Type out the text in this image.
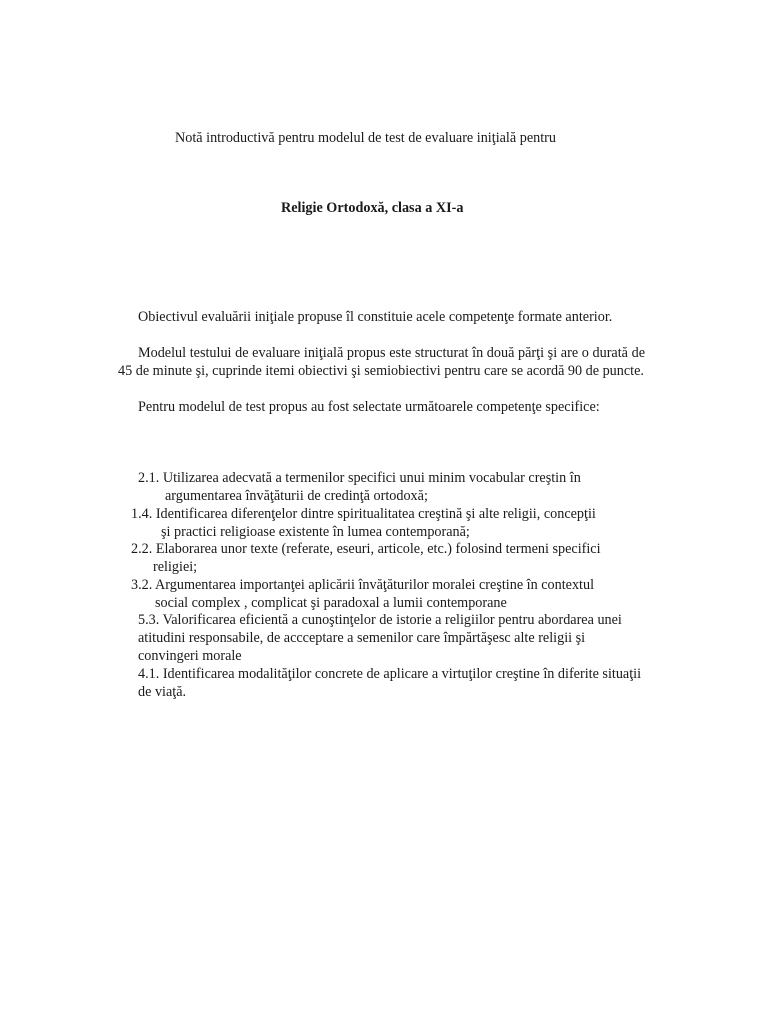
Notă introductivă pentru modelul de test de evaluare iniţială pentru
Religie Ortodoxă, clasa a XI-a
Obiectivul evaluării iniţiale propuse îl constituie acele competenţe formate anterior.
Modelul testului de evaluare iniţială propus este structurat în două părţi şi are o durată de 45 de minute şi, cuprinde itemi obiectivi şi semiobiectivi pentru care se acordă 90 de puncte.
Pentru modelul de test propus au fost selectate următoarele competenţe specifice:
2.1. Utilizarea adecvată a termenilor specifici unui minim vocabular creştin în
argumentarea învăţăturii de credinţă ortodoxă;
1.4. Identificarea diferenţelor dintre spiritualitatea creştină şi alte religii, concepţii
şi practici religioase existente în lumea contemporană;
2.2. Elaborarea unor texte (referate, eseuri, articole, etc.) folosind termeni specifici
religiei;
3.2. Argumentarea importanţei aplicării învăţăturilor moralei creştine în contextul
social complex , complicat şi paradoxal a lumii contemporane
5.3. Valorificarea eficientă a cunoştinţelor de istorie a religiilor pentru abordarea unei
atitudini responsabile, de accceptare a semenilor care împărtăşesc alte religii şi
convingeri morale
4.1. Identificarea modalităţilor concrete de aplicare a virtuţilor creştine în diferite situaţii
de viaţă.
